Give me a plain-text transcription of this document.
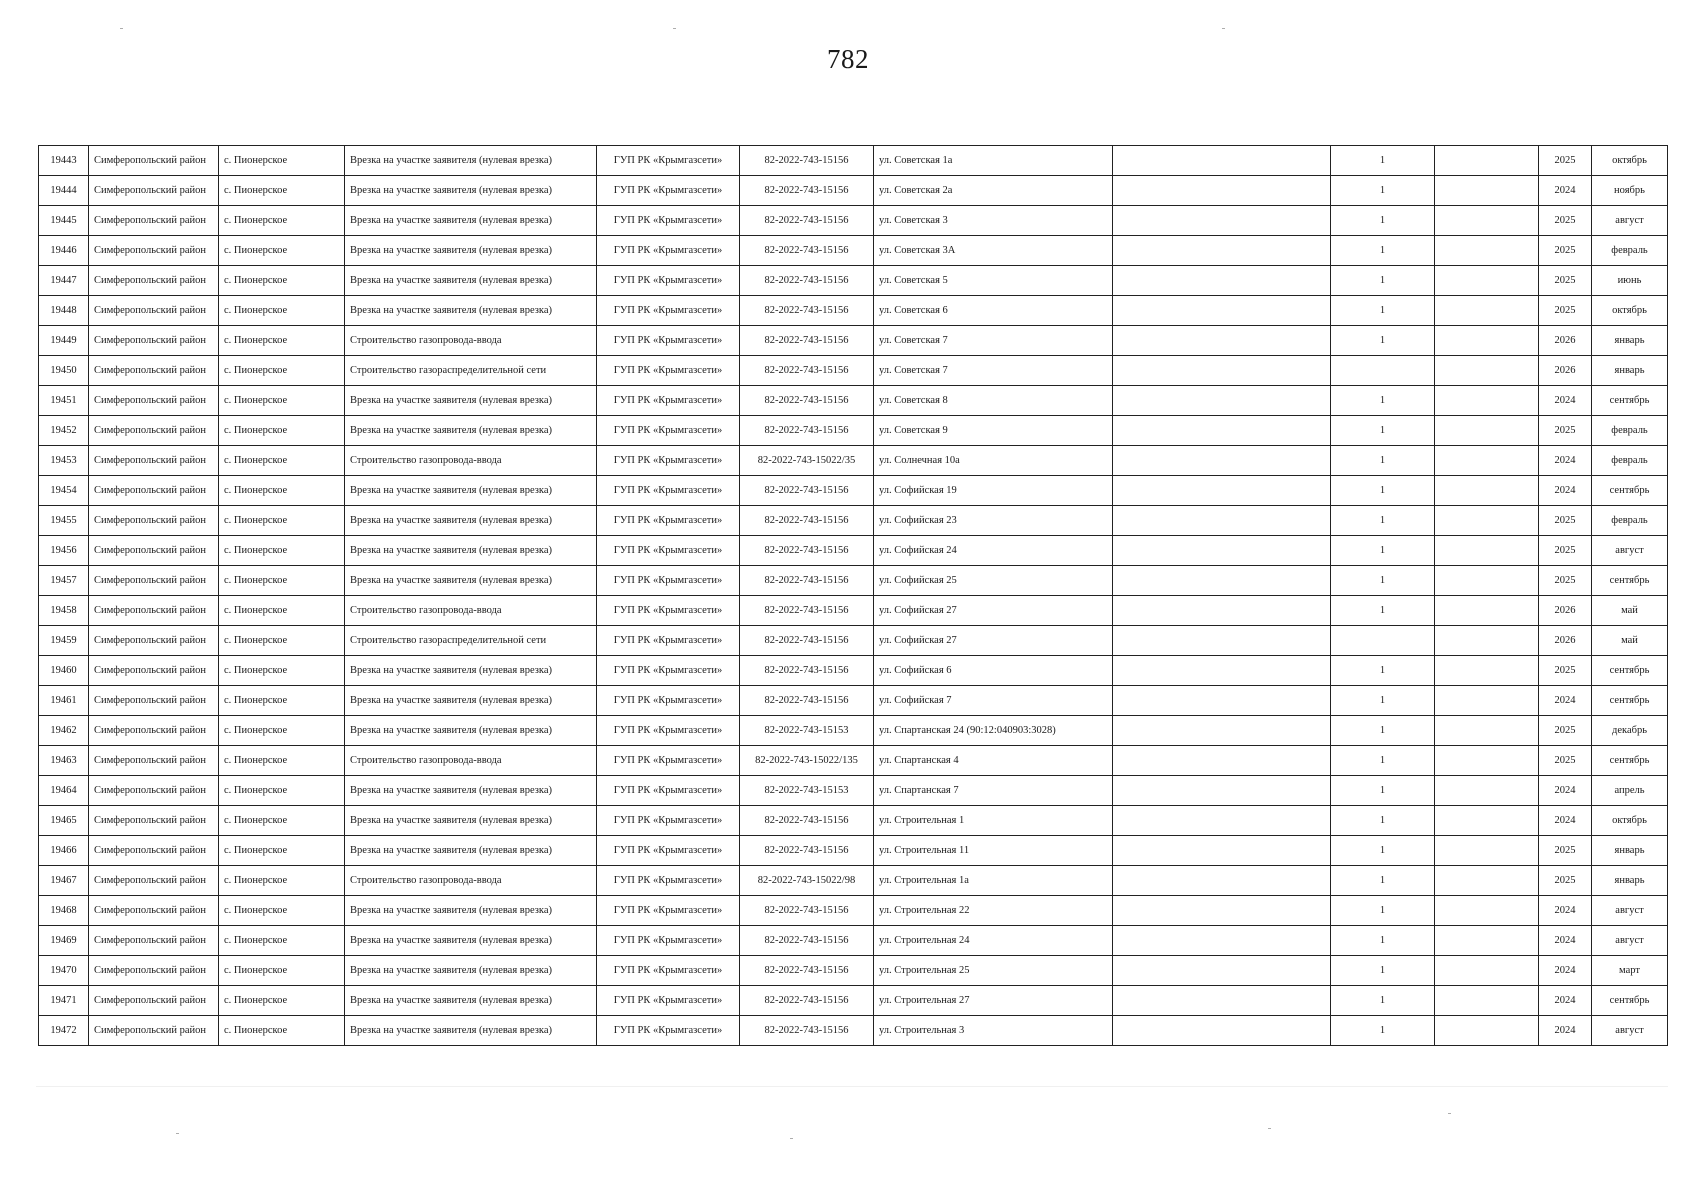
782
19443	Симферопольский район	с. Пионерское	Врезка на участке заявителя (нулевая врезка)	ГУП РК «Крымгазсети»	82-2022-743-15156	ул. Советская 1а		1		2025	октябрь
19444	Симферопольский район	с. Пионерское	Врезка на участке заявителя (нулевая врезка)	ГУП РК «Крымгазсети»	82-2022-743-15156	ул. Советская 2а		1		2024	ноябрь
19445	Симферопольский район	с. Пионерское	Врезка на участке заявителя (нулевая врезка)	ГУП РК «Крымгазсети»	82-2022-743-15156	ул. Советская 3		1		2025	август
19446	Симферопольский район	с. Пионерское	Врезка на участке заявителя (нулевая врезка)	ГУП РК «Крымгазсети»	82-2022-743-15156	ул. Советская 3А		1		2025	февраль
19447	Симферопольский район	с. Пионерское	Врезка на участке заявителя (нулевая врезка)	ГУП РК «Крымгазсети»	82-2022-743-15156	ул. Советская 5		1		2025	июнь
19448	Симферопольский район	с. Пионерское	Врезка на участке заявителя (нулевая врезка)	ГУП РК «Крымгазсети»	82-2022-743-15156	ул. Советская 6		1		2025	октябрь
19449	Симферопольский район	с. Пионерское	Строительство газопровода-ввода	ГУП РК «Крымгазсети»	82-2022-743-15156	ул. Советская 7		1		2026	январь
19450	Симферопольский район	с. Пионерское	Строительство газораспределительной сети	ГУП РК «Крымгазсети»	82-2022-743-15156	ул. Советская 7				2026	январь
19451	Симферопольский район	с. Пионерское	Врезка на участке заявителя (нулевая врезка)	ГУП РК «Крымгазсети»	82-2022-743-15156	ул. Советская 8		1		2024	сентябрь
19452	Симферопольский район	с. Пионерское	Врезка на участке заявителя (нулевая врезка)	ГУП РК «Крымгазсети»	82-2022-743-15156	ул. Советская 9		1		2025	февраль
19453	Симферопольский район	с. Пионерское	Строительство газопровода-ввода	ГУП РК «Крымгазсети»	82-2022-743-15022/35	ул. Солнечная 10а		1		2024	февраль
19454	Симферопольский район	с. Пионерское	Врезка на участке заявителя (нулевая врезка)	ГУП РК «Крымгазсети»	82-2022-743-15156	ул. Софийская 19		1		2024	сентябрь
19455	Симферопольский район	с. Пионерское	Врезка на участке заявителя (нулевая врезка)	ГУП РК «Крымгазсети»	82-2022-743-15156	ул. Софийская 23		1		2025	февраль
19456	Симферопольский район	с. Пионерское	Врезка на участке заявителя (нулевая врезка)	ГУП РК «Крымгазсети»	82-2022-743-15156	ул. Софийская 24		1		2025	август
19457	Симферопольский район	с. Пионерское	Врезка на участке заявителя (нулевая врезка)	ГУП РК «Крымгазсети»	82-2022-743-15156	ул. Софийская 25		1		2025	сентябрь
19458	Симферопольский район	с. Пионерское	Строительство газопровода-ввода	ГУП РК «Крымгазсети»	82-2022-743-15156	ул. Софийская 27		1		2026	май
19459	Симферопольский район	с. Пионерское	Строительство газораспределительной сети	ГУП РК «Крымгазсети»	82-2022-743-15156	ул. Софийская 27				2026	май
19460	Симферопольский район	с. Пионерское	Врезка на участке заявителя (нулевая врезка)	ГУП РК «Крымгазсети»	82-2022-743-15156	ул. Софийская 6		1		2025	сентябрь
19461	Симферопольский район	с. Пионерское	Врезка на участке заявителя (нулевая врезка)	ГУП РК «Крымгазсети»	82-2022-743-15156	ул. Софийская 7		1		2024	сентябрь
19462	Симферопольский район	с. Пионерское	Врезка на участке заявителя (нулевая врезка)	ГУП РК «Крымгазсети»	82-2022-743-15153	ул. Спартанская 24 (90:12:040903:3028)		1		2025	декабрь
19463	Симферопольский район	с. Пионерское	Строительство газопровода-ввода	ГУП РК «Крымгазсети»	82-2022-743-15022/135	ул. Спартанская 4		1		2025	сентябрь
19464	Симферопольский район	с. Пионерское	Врезка на участке заявителя (нулевая врезка)	ГУП РК «Крымгазсети»	82-2022-743-15153	ул. Спартанская 7		1		2024	апрель
19465	Симферопольский район	с. Пионерское	Врезка на участке заявителя (нулевая врезка)	ГУП РК «Крымгазсети»	82-2022-743-15156	ул. Строительная 1		1		2024	октябрь
19466	Симферопольский район	с. Пионерское	Врезка на участке заявителя (нулевая врезка)	ГУП РК «Крымгазсети»	82-2022-743-15156	ул. Строительная 11		1		2025	январь
19467	Симферопольский район	с. Пионерское	Строительство газопровода-ввода	ГУП РК «Крымгазсети»	82-2022-743-15022/98	ул. Строительная 1а		1		2025	январь
19468	Симферопольский район	с. Пионерское	Врезка на участке заявителя (нулевая врезка)	ГУП РК «Крымгазсети»	82-2022-743-15156	ул. Строительная 22		1		2024	август
19469	Симферопольский район	с. Пионерское	Врезка на участке заявителя (нулевая врезка)	ГУП РК «Крымгазсети»	82-2022-743-15156	ул. Строительная 24		1		2024	август
19470	Симферопольский район	с. Пионерское	Врезка на участке заявителя (нулевая врезка)	ГУП РК «Крымгазсети»	82-2022-743-15156	ул. Строительная 25		1		2024	март
19471	Симферопольский район	с. Пионерское	Врезка на участке заявителя (нулевая врезка)	ГУП РК «Крымгазсети»	82-2022-743-15156	ул. Строительная 27		1		2024	сентябрь
19472	Симферопольский район	с. Пионерское	Врезка на участке заявителя (нулевая врезка)	ГУП РК «Крымгазсети»	82-2022-743-15156	ул. Строительная 3		1		2024	август
